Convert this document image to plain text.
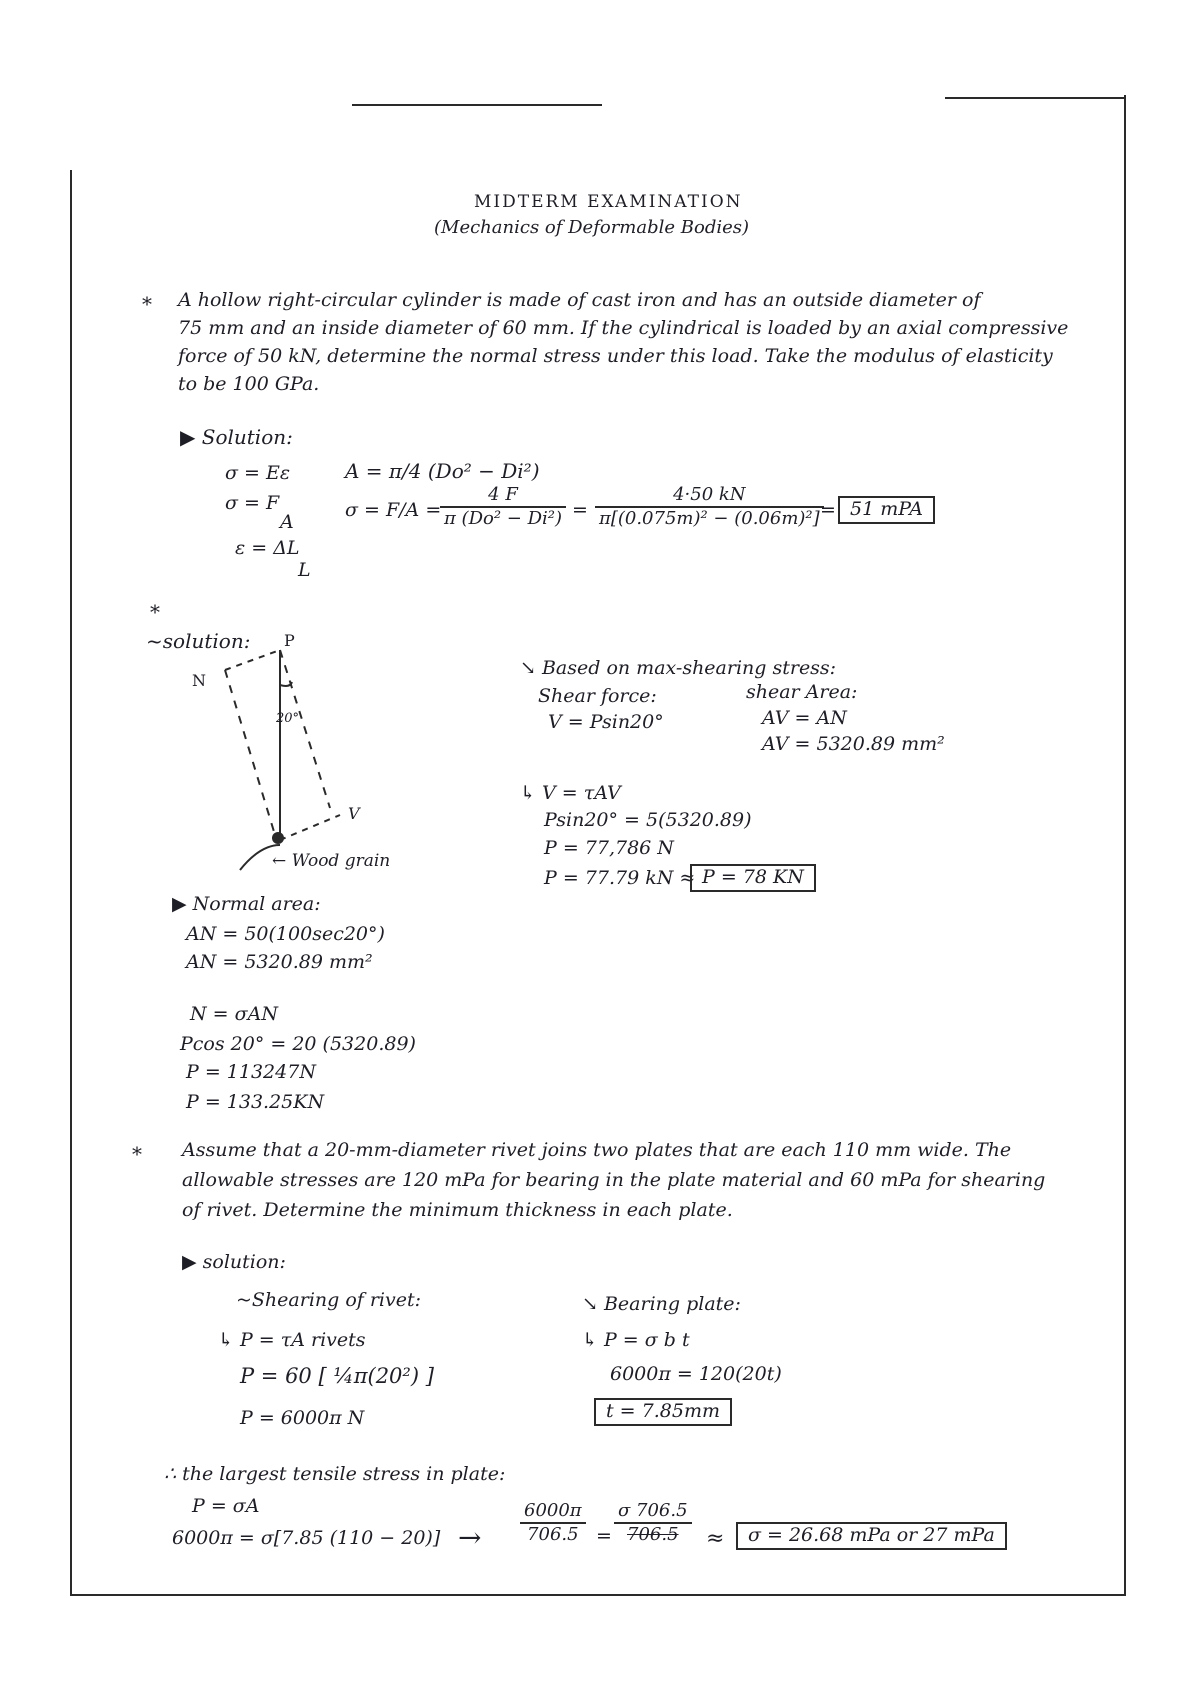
MIDTERM EXAMINATION
(Mechanics of Deformable Bodies)
* A hollow right-circular cylinder is made of cast iron and has an outside diameter of
75 mm and an inside diameter of 60 mm. If the cylindrical is loaded by an axial compressive
force of 50 kN, determine the normal stress under this load. Take the modulus of elasticity
to be 100 GPa.
▶ Solution:
σ = Eε
σ = F
A
ε = ΔL
L
A = π/4 (Do² − Di²)
σ = F/A =
$\frac{4 F}{\text{π (Do² − Di²)}} = \frac{4\cdot 50 kN}{\text{π[(0.075m)² − (0.06m)²]}}$
= 51 mPA
*
~solution: P
N
20°
V
← Wood grain
↘ Based on max-shearing stress:
Shear force:
V = Psin20°
shear Area:
AV = AN
AV = 5320.89 mm²
↳ V = τAV
Psin20° = 5(5320.89)
P = 77,786 N
P = 77.79 kN ≈ P = 78 KN
▶ Normal area:
AN = 50(100sec20°)
AN = 5320.89 mm²
N = σAN
Pcos 20° = 20 (5320.89)
P = 113247N
P = 133.25KN
* Assume that a 20-mm-diameter rivet joins two plates that are each 110 mm wide. The
allowable stresses are 120 mPa for bearing in the plate material and 60 mPa for shearing
of rivet. Determine the minimum thickness in each plate.
▶ solution:
~Shearing of rivet:
↳ P = τA rivets
P = 60 [ ¼π(20²) ]
P = 6000π N
↘ Bearing plate:
↳ P = σ b t
6000π = 120(20t)
t = 7.85mm
∴ the largest tensile stress in plate:
P = σA
6000π = σ[7.85 $(110 - 20)] \to \frac{6000\pi}{706.5} = \frac{\sigma 706.5}{706.5}$ ≈	σ = 26.68 mPa or 27 mPa
